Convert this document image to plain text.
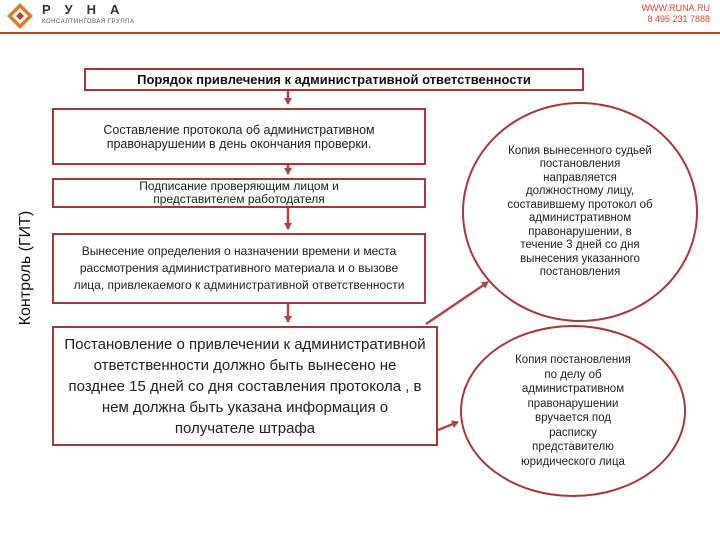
РУНА
КОНСАЛТИНГОВАЯ ГРУППА
WWW.RUNA.RU
8 495 231 7888
Контроль (ГИТ)
Порядок привлечения к административной ответственности
Составление протокола об административном правонарушении в день окончания проверки.
Подписание проверяющим лицом и представителем работодателя
Вынесение определения о назначении времени и места рассмотрения административного материала и о вызове лица, привлекаемого к административной ответственности
Постановление о привлечении к административной ответственности должно быть вынесено не позднее 15 дней со дня составления протокола , в нем должна быть указана информация о получателе штрафа
Копия вынесенного судьей постановления направляется должностному лицу, составившему протокол об административном правонарушении, в течение 3 дней со дня вынесения указанного постановления
Копия постановления по делу об административном правонарушении вручается под расписку представителю юридического лица
